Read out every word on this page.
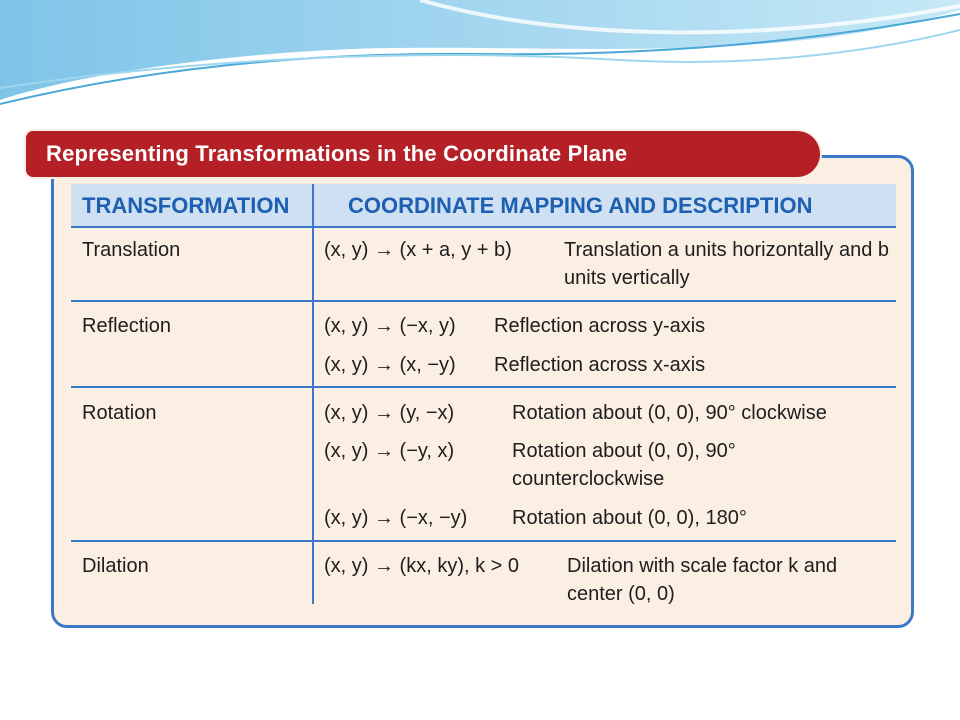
Representing Transformations in the Coordinate Plane
TRANSFORMATION	COORDINATE MAPPING AND DESCRIPTION
Translation	(x, y) → (x + a, y + b)	Translation a units horizontally and b units vertically
Reflection	(x, y) → (−x, y) Reflection across y-axis
(x, y) → (x, −y) Reflection across x-axis
Rotation	(x, y) → (y, −x)	Rotation about (0, 0), 90° clockwise
(x, y) → (−y, x)	Rotation about (0, 0), 90° counterclockwise
(x, y) → (−x, −y) Rotation about (0, 0), 180°
Dilation	(x, y) → (kx, ky), k > 0 Dilation with scale factor k and center (0, 0)
